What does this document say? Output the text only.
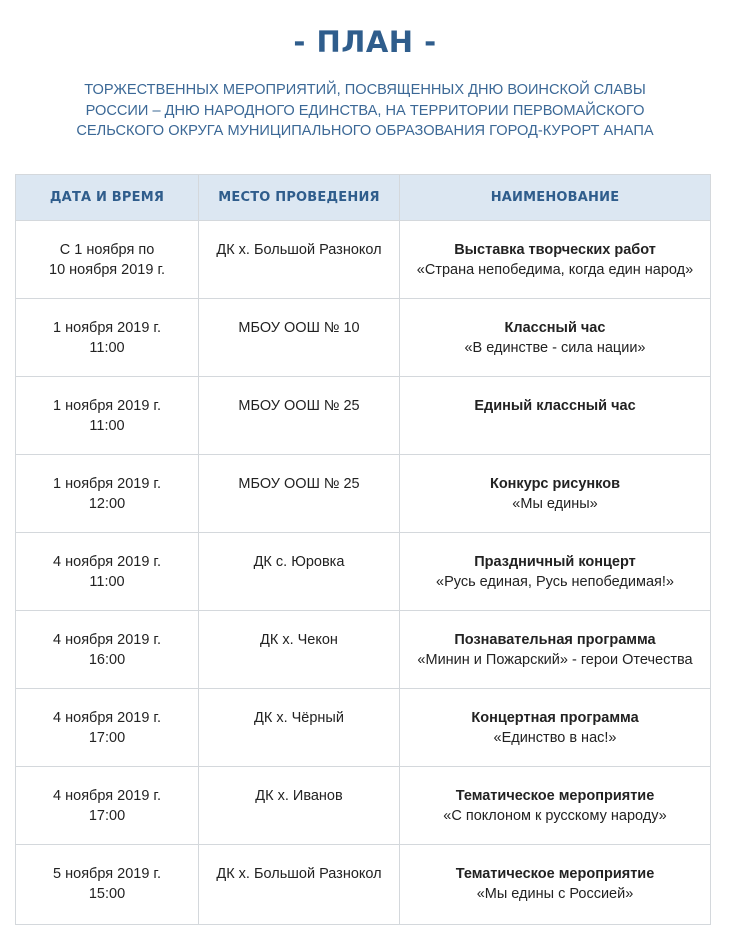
- ПЛАН -
ТОРЖЕСТВЕННЫХ МЕРОПРИЯТИЙ, ПОСВЯЩЕННЫХ ДНЮ ВОИНСКОЙ СЛАВЫ РОССИИ – ДНЮ НАРОДНОГО ЕДИНСТВА, НА ТЕРРИТОРИИ ПЕРВОМАЙСКОГО СЕЛЬСКОГО ОКРУГА МУНИЦИПАЛЬНОГО ОБРАЗОВАНИЯ ГОРОД-КУРОРТ АНАПА
ДАТА И ВРЕМЯ	МЕСТО ПРОВЕДЕНИЯ	НАИМЕНОВАНИЕ

С 1 ноября по
10 ноября 2019 г.	ДК х. Большой Разнокол	Выставка творческих работ
«Страна непобедима, когда един народ»

1 ноября 2019 г.
11:00	МБОУ ООШ № 10	Классный час
«В единстве - сила нации»

1 ноября 2019 г.
11:00	МБОУ ООШ № 25	Единый классный час

1 ноября 2019 г.
12:00	МБОУ ООШ № 25	Конкурс рисунков
«Мы едины»

4 ноября 2019 г.
11:00	ДК с. Юровка	Праздничный концерт
«Русь единая, Русь непобедимая!»

4 ноября 2019 г.
16:00	ДК х. Чекон	Познавательная программа
«Минин и Пожарский» - герои Отечества

4 ноября 2019 г.
17:00	ДК х. Чёрный	Концертная программа
«Единство в нас!»

4 ноября 2019 г.
17:00	ДК х. Иванов	Тематическое мероприятие
«С поклоном к русскому народу»

5 ноября 2019 г.
15:00	ДК х. Большой Разнокол	Тематическое мероприятие
«Мы едины с Россией»
